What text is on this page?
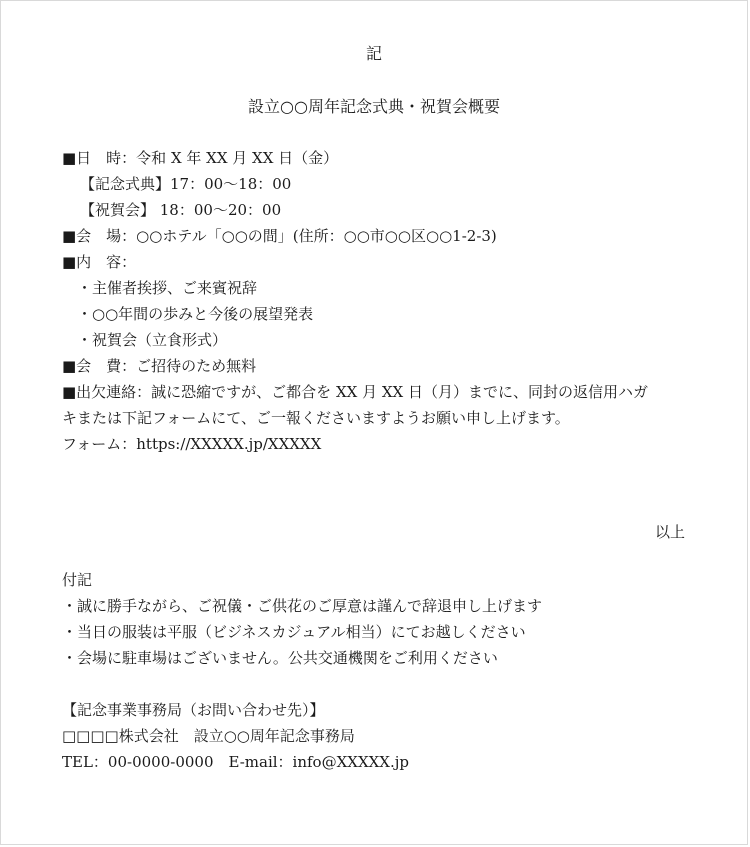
記
設立○○周年記念式典・祝賀会概要
■日　時：令和 X 年 XX 月 XX 日（金）
【記念式典】17：00〜18：00
【祝賀会】 18：00〜20：00
■会　場：○○ホテル「○○の間」(住所：○○市○○区○○1-2-3)
■内　容：
・主催者挨拶、ご来賓祝辞
・○○年間の歩みと今後の展望発表
・祝賀会（立食形式）
■会　費：ご招待のため無料
■出欠連絡：誠に恐縮ですが、ご都合を XX 月 XX 日（月）までに、同封の返信用ハガ
キまたは下記フォームにて、ご一報くださいますようお願い申し上げます。
フォーム：https://XXXXX.jp/XXXXX
以上
付記
・誠に勝手ながら、ご祝儀・ご供花のご厚意は謹んで辞退申し上げます
・当日の服装は平服（ビジネスカジュアル相当）にてお越しください
・会場に駐車場はございません。公共交通機関をご利用ください
【記念事業事務局（お問い合わせ先）】
□□□□株式会社　設立○○周年記念事務局
TEL：00-0000-0000　E-mail：info@XXXXX.jp
